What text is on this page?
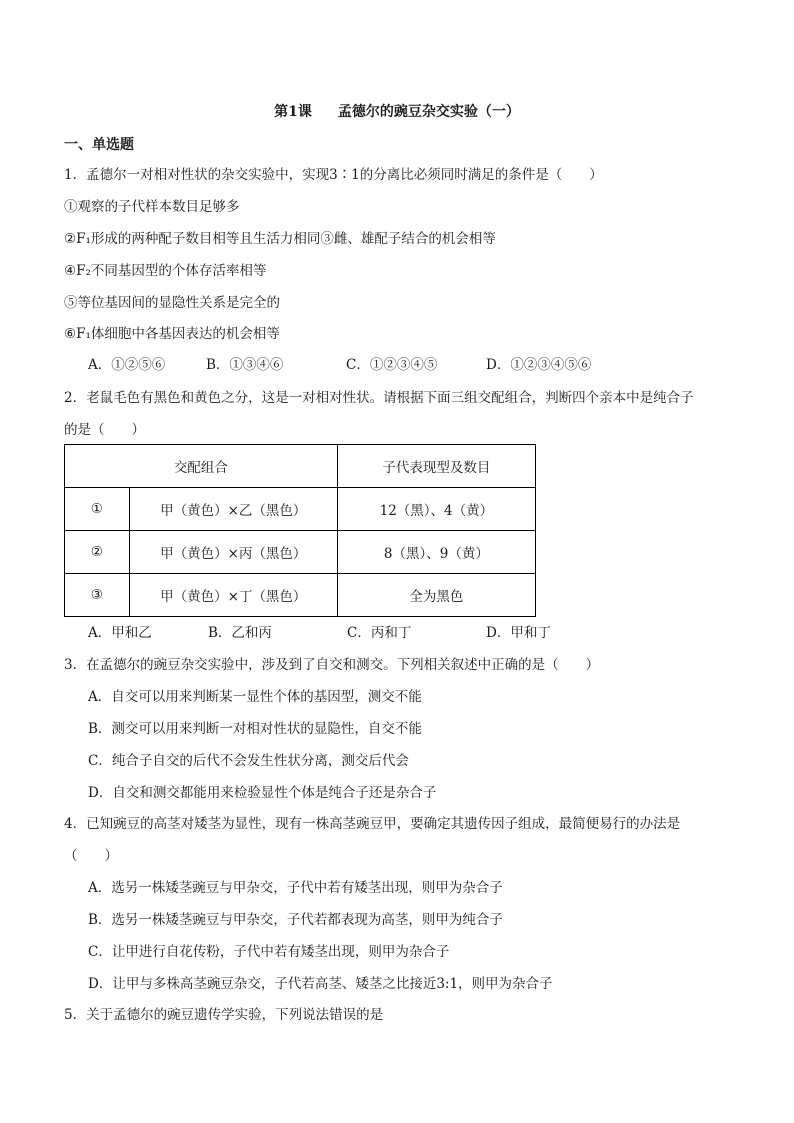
第1课 孟德尔的豌豆杂交实验（一）
一、单选题
1．孟德尔一对相对性状的杂交实验中，实现3∶1的分离比必须同时满足的条件是（　　）
①观察的子代样本数目足够多
②F₁形成的两种配子数目相等且生活力相同③雌、雄配子结合的机会相等
④F₂不同基因型的个体存活率相等
⑤等位基因间的显隐性关系是完全的
⑥F₁体细胞中各基因表达的机会相等
A．①②⑤⑥	B．①③④⑥	C．①②③④⑤	D．①②③④⑤⑥
2．老鼠毛色有黑色和黄色之分，这是一对相对性状。请根据下面三组交配组合，判断四个亲本中是纯合子
的是（　　）
交配组合		子代表现型及数目
①	甲（黄色）×乙（黑色）	12（黑）、4（黄）
②	甲（黄色）×丙（黑色）	8（黑）、9（黄）
③	甲（黄色）×丁（黑色）	全为黑色
A．甲和乙	B．乙和丙	C．丙和丁	D．甲和丁
3．在孟德尔的豌豆杂交实验中，涉及到了自交和测交。下列相关叙述中正确的是（　　）
A．自交可以用来判断某一显性个体的基因型，测交不能
B．测交可以用来判断一对相对性状的显隐性，自交不能
C．纯合子自交的后代不会发生性状分离，测交后代会
D．自交和测交都能用来检验显性个体是纯合子还是杂合子
4．已知豌豆的高茎对矮茎为显性，现有一株高茎豌豆甲，要确定其遗传因子组成，最简便易行的办法是
（　　）
A．选另一株矮茎豌豆与甲杂交，子代中若有矮茎出现，则甲为杂合子
B．选另一株矮茎豌豆与甲杂交，子代若都表现为高茎，则甲为纯合子
C．让甲进行自花传粉，子代中若有矮茎出现，则甲为杂合子
D．让甲与多株高茎豌豆杂交，子代若高茎、矮茎之比接近3:1，则甲为杂合子
5．关于孟德尔的豌豆遗传学实验，下列说法错误的是
